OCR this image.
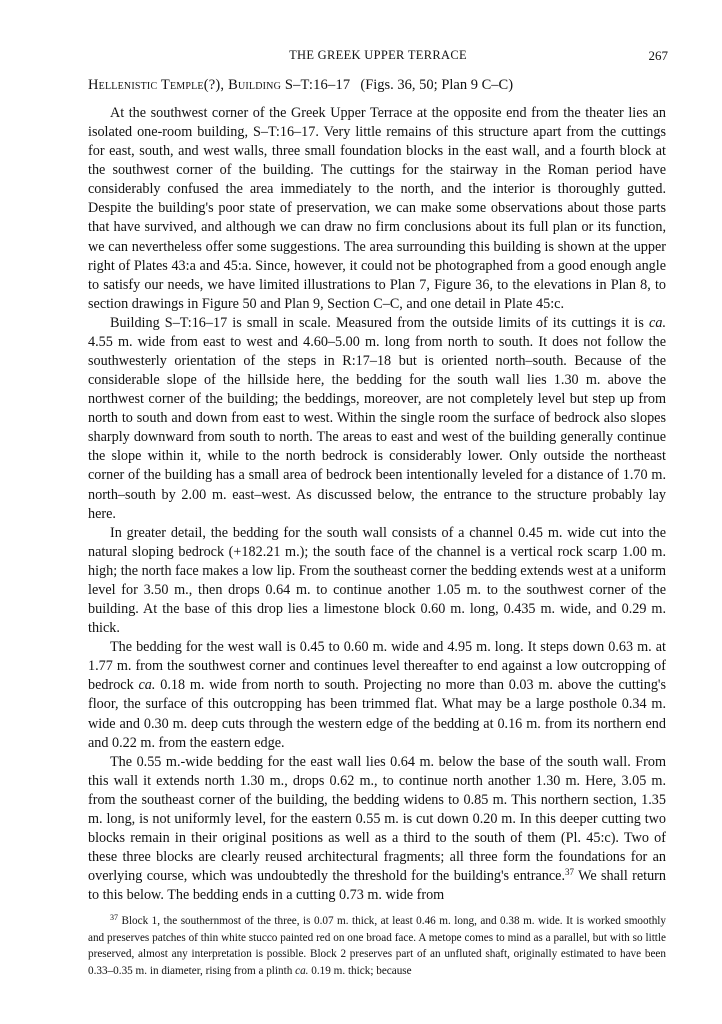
THE GREEK UPPER TERRACE	267
Hellenistic Temple(?), Building S–T:16–17 (Figs. 36, 50; Plan 9 C–C)

At the southwest corner of the Greek Upper Terrace at the opposite end from the theater lies an isolated one-room building, S–T:16–17. Very little remains of this structure apart from the cuttings for east, south, and west walls, three small foundation blocks in the east wall, and a fourth block at the southwest corner of the building. The cuttings for the stairway in the Roman period have considerably confused the area immediately to the north, and the interior is thoroughly gutted. Despite the building's poor state of preservation, we can make some observations about those parts that have survived, and although we can draw no firm conclusions about its full plan or its function, we can nevertheless offer some suggestions. The area surrounding this building is shown at the upper right of Plates 43:a and 45:a. Since, however, it could not be photographed from a good enough angle to satisfy our needs, we have limited illustrations to Plan 7, Figure 36, to the elevations in Plan 8, to section drawings in Figure 50 and Plan 9, Section C–C, and one detail in Plate 45:c.

Building S–T:16–17 is small in scale. Measured from the outside limits of its cuttings it is ca. 4.55 m. wide from east to west and 4.60–5.00 m. long from north to south. It does not follow the southwesterly orientation of the steps in R:17–18 but is oriented north–south. Because of the considerable slope of the hillside here, the bedding for the south wall lies 1.30 m. above the northwest corner of the building; the beddings, moreover, are not completely level but step up from north to south and down from east to west. Within the single room the surface of bedrock also slopes sharply downward from south to north. The areas to east and west of the building generally continue the slope within it, while to the north bedrock is considerably lower. Only outside the northeast corner of the building has a small area of bedrock been intentionally leveled for a distance of 1.70 m. north–south by 2.00 m. east–west. As discussed below, the entrance to the structure probably lay here.

In greater detail, the bedding for the south wall consists of a channel 0.45 m. wide cut into the natural sloping bedrock (+182.21 m.); the south face of the channel is a vertical rock scarp 1.00 m. high; the north face makes a low lip. From the southeast corner the bedding extends west at a uniform level for 3.50 m., then drops 0.64 m. to continue another 1.05 m. to the southwest corner of the building. At the base of this drop lies a limestone block 0.60 m. long, 0.435 m. wide, and 0.29 m. thick.

The bedding for the west wall is 0.45 to 0.60 m. wide and 4.95 m. long. It steps down 0.63 m. at 1.77 m. from the southwest corner and continues level thereafter to end against a low outcropping of bedrock ca. 0.18 m. wide from north to south. Projecting no more than 0.03 m. above the cutting's floor, the surface of this outcropping has been trimmed flat. What may be a large posthole 0.34 m. wide and 0.30 m. deep cuts through the western edge of the bedding at 0.16 m. from its northern end and 0.22 m. from the eastern edge.

The 0.55 m.-wide bedding for the east wall lies 0.64 m. below the base of the south wall. From this wall it extends north 1.30 m., drops 0.62 m., to continue north another 1.30 m. Here, 3.05 m. from the southeast corner of the building, the bedding widens to 0.85 m. This northern section, 1.35 m. long, is not uniformly level, for the eastern 0.55 m. is cut down 0.20 m. In this deeper cutting two blocks remain in their original positions as well as a third to the south of them (Pl. 45:c). Two of these three blocks are clearly reused architectural fragments; all three form the foundations for an overlying course, which was undoubtedly the threshold for the building's entrance.$^{37}$ We shall return to this below. The bedding ends in a cutting 0.73 m. wide from

$^{37}$ Block 1, the southernmost of the three, is 0.07 m. thick, at least 0.46 m. long, and 0.38 m. wide. It is worked smoothly and preserves patches of thin white stucco painted red on one broad face. A metope comes to mind as a parallel, but with so little preserved, almost any interpretation is possible. Block 2 preserves part of an unfluted shaft, originally estimated to have been 0.33–0.35 m. in diameter, rising from a plinth ca. 0.19 m. thick; because
